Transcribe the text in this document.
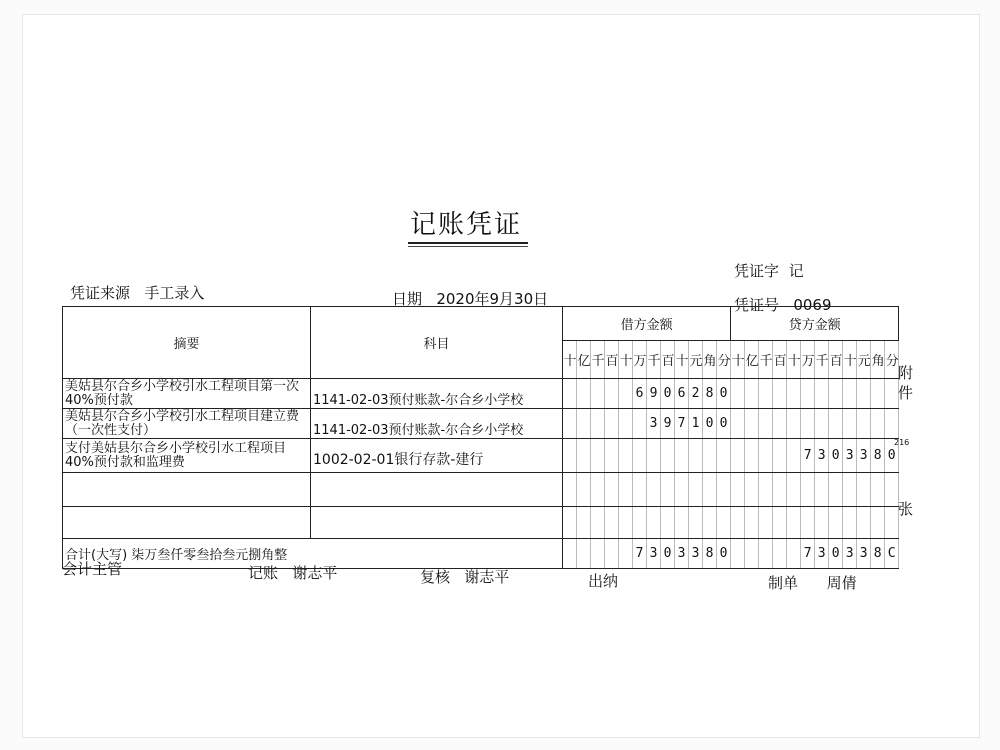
记账凭证
凭证字 记
凭证来源 手工录入	日期 2020年9月30日	凭证号 0069
摘要	科目	借方金额												贷方金额											
		十	亿	千	百	十	万	千	百	十	元	角	分	十	亿	千	百	十	万	千	百	十	元	角	分
美姑县尔合乡小学校引水工程项目第一次40%预付款	1141-02-03预付账款-尔合乡小学校						6	9	0	6	2	8	0												
美姑县尔合乡小学校引水工程项目建立费（一次性支付）	1141-02-03预付账款-尔合乡小学校							3	9	7	1	0	0												
支付美姑县尔合乡小学校引水工程项目40%预付款和监理费	1002-02-01银行存款-建行																		7	3	0	3	3	8	0

合计(大写) 柒万叁仟零叁拾叁元捌角整							7	3	0	3	3	8	0						7	3	0	3	3	8	C
附
件
216
张
会计主管	记账 谢志平	复核 谢志平	出纳	制单 周倩
